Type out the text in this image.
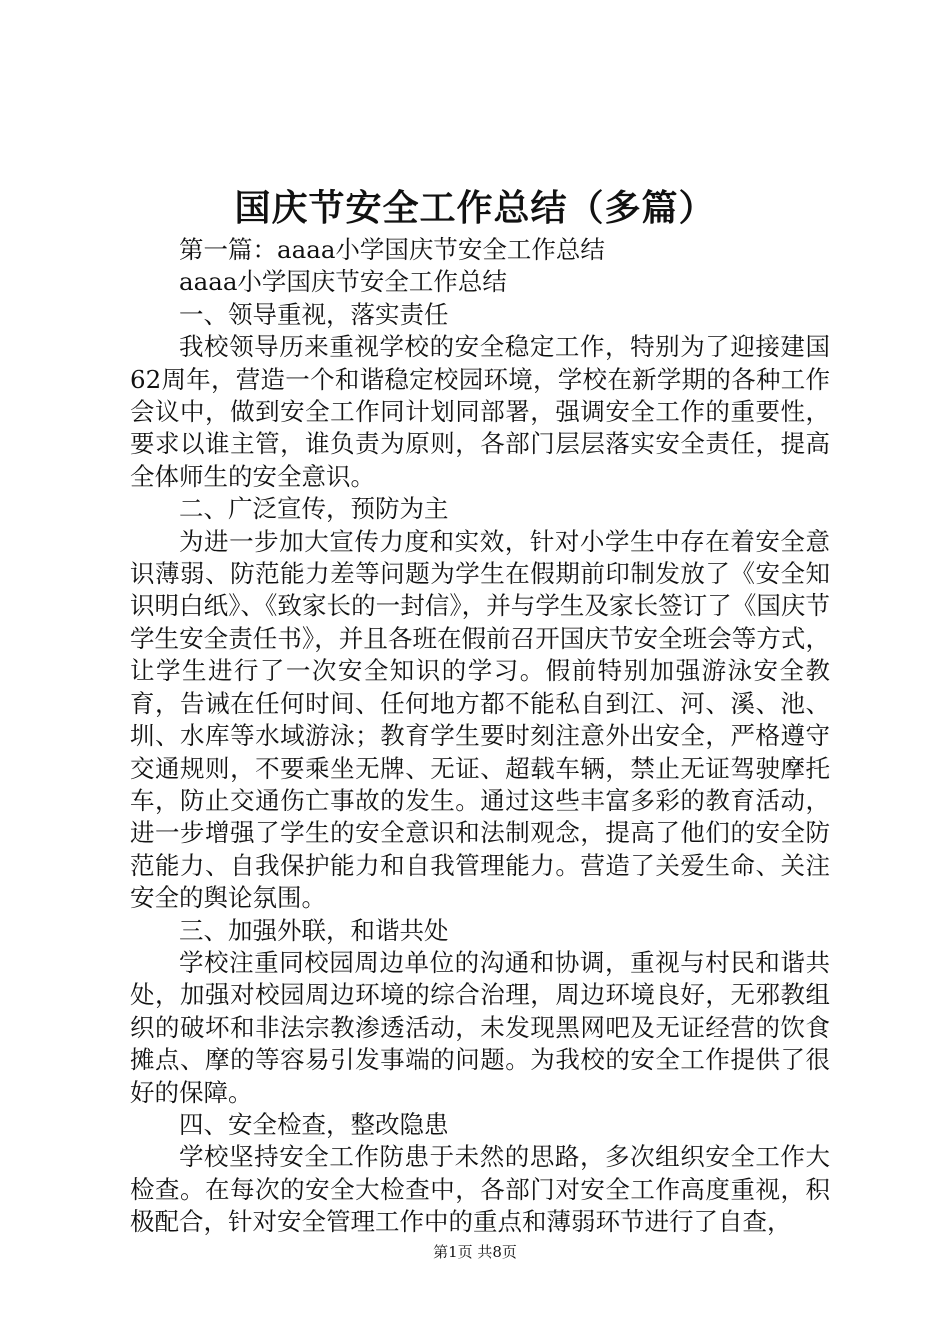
国庆节安全工作总结（多篇）

第一篇：aaaa小学国庆节安全工作总结

aaaa小学国庆节安全工作总结

一、领导重视，落实责任

我校领导历来重视学校的安全稳定工作，特别为了迎接建国62周年，营造一个和谐稳定校园环境，学校在新学期的各种工作会议中，做到安全工作同计划同部署，强调安全工作的重要性，要求以谁主管，谁负责为原则，各部门层层落实安全责任，提高全体师生的安全意识。

二、广泛宣传，预防为主

为进一步加大宣传力度和实效，针对小学生中存在着安全意识薄弱、防范能力差等问题为学生在假期前印制发放了《安全知识明白纸》、《致家长的一封信》，并与学生及家长签订了《国庆节学生安全责任书》，并且各班在假前召开国庆节安全班会等方式，让学生进行了一次安全知识的学习。假前特别加强游泳安全教育，告诫在任何时间、任何地方都不能私自到江、河、溪、池、圳、水库等水域游泳；教育学生要时刻注意外出安全，严格遵守交通规则，不要乘坐无牌、无证、超载车辆，禁止无证驾驶摩托车，防止交通伤亡事故的发生。通过这些丰富多彩的教育活动，进一步增强了学生的安全意识和法制观念，提高了他们的安全防范能力、自我保护能力和自我管理能力。营造了关爱生命、关注安全的舆论氛围。

三、加强外联，和谐共处

学校注重同校园周边单位的沟通和协调，重视与村民和谐共处，加强对校园周边环境的综合治理，周边环境良好，无邪教组织的破坏和非法宗教渗透活动，未发现黑网吧及无证经营的饮食摊点、摩的等容易引发事端的问题。为我校的安全工作提供了很好的保障。

四、安全检查，整改隐患

学校坚持安全工作防患于未然的思路，多次组织安全工作大检查。在每次的安全大检查中，各部门对安全工作高度重视，积极配合，针对安全管理工作中的重点和薄弱环节进行了自查，

第1页 共8页
